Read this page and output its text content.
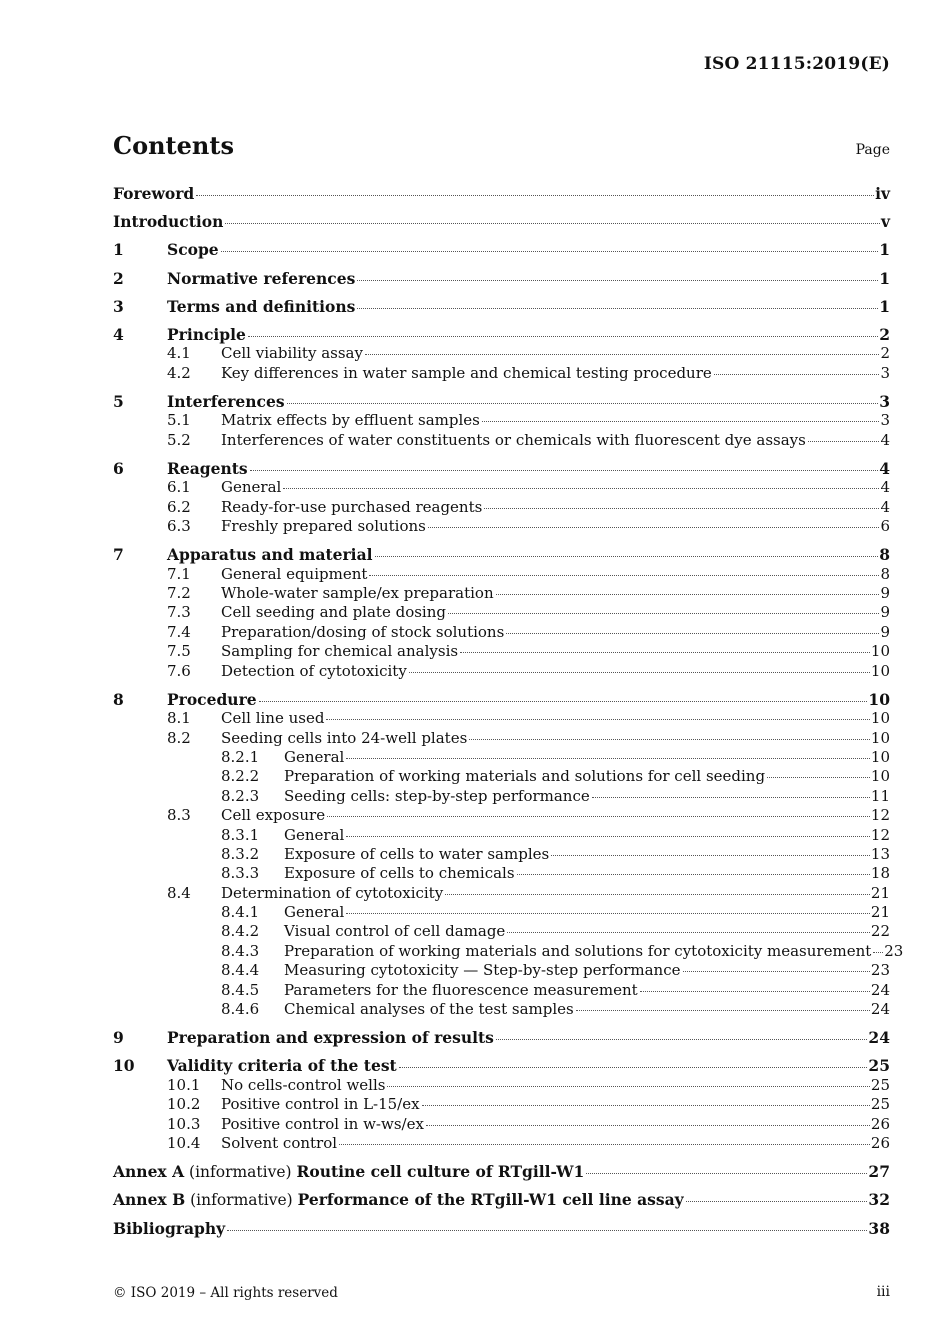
ISO 21115:2019(E)
Contents	Page
Foreword	iv
Introduction	v
1	Scope	1
2	Normative references	1
3	Terms and definitions	1
4	Principle	2
4.1	Cell viability assay	2
4.2	Key differences in water sample and chemical testing procedure	3
5	Interferences	3
5.1	Matrix effects by effluent samples	3
5.2	Interferences of water constituents or chemicals with fluorescent dye assays	4
6	Reagents	4
6.1	General	4
6.2	Ready-for-use purchased reagents	4
6.3	Freshly prepared solutions	6
7	Apparatus and material	8
7.1	General equipment	8
7.2	Whole-water sample/ex preparation	9
7.3	Cell seeding and plate dosing	9
7.4	Preparation/dosing of stock solutions	9
7.5	Sampling for chemical analysis	10
7.6	Detection of cytotoxicity	10
8	Procedure	10
8.1	Cell line used	10
8.2	Seeding cells into 24-well plates	10
8.2.1	General	10
8.2.2	Preparation of working materials and solutions for cell seeding	10
8.2.3	Seeding cells: step-by-step performance	11
8.3	Cell exposure	12
8.3.1	General	12
8.3.2	Exposure of cells to water samples	13
8.3.3	Exposure of cells to chemicals	18
8.4	Determination of cytotoxicity	21
8.4.1	General	21
8.4.2	Visual control of cell damage	22
8.4.3	Preparation of working materials and solutions for cytotoxicity measurement 23
8.4.4	Measuring cytotoxicity — Step-by-step performance	23
8.4.5	Parameters for the fluorescence measurement	24
8.4.6	Chemical analyses of the test samples	24
9	Preparation and expression of results	24
10	Validity criteria of the test	25
10.1	No cells-control wells	25
10.2	Positive control in L-15/ex	25
10.3	Positive control in w-ws/ex	26
10.4	Solvent control	26
Annex A (informative) Routine cell culture of RTgill-W1	27
Annex B (informative) Performance of the RTgill-W1 cell line assay	32
Bibliography	38
© ISO 2019 – All rights reserved	iii
